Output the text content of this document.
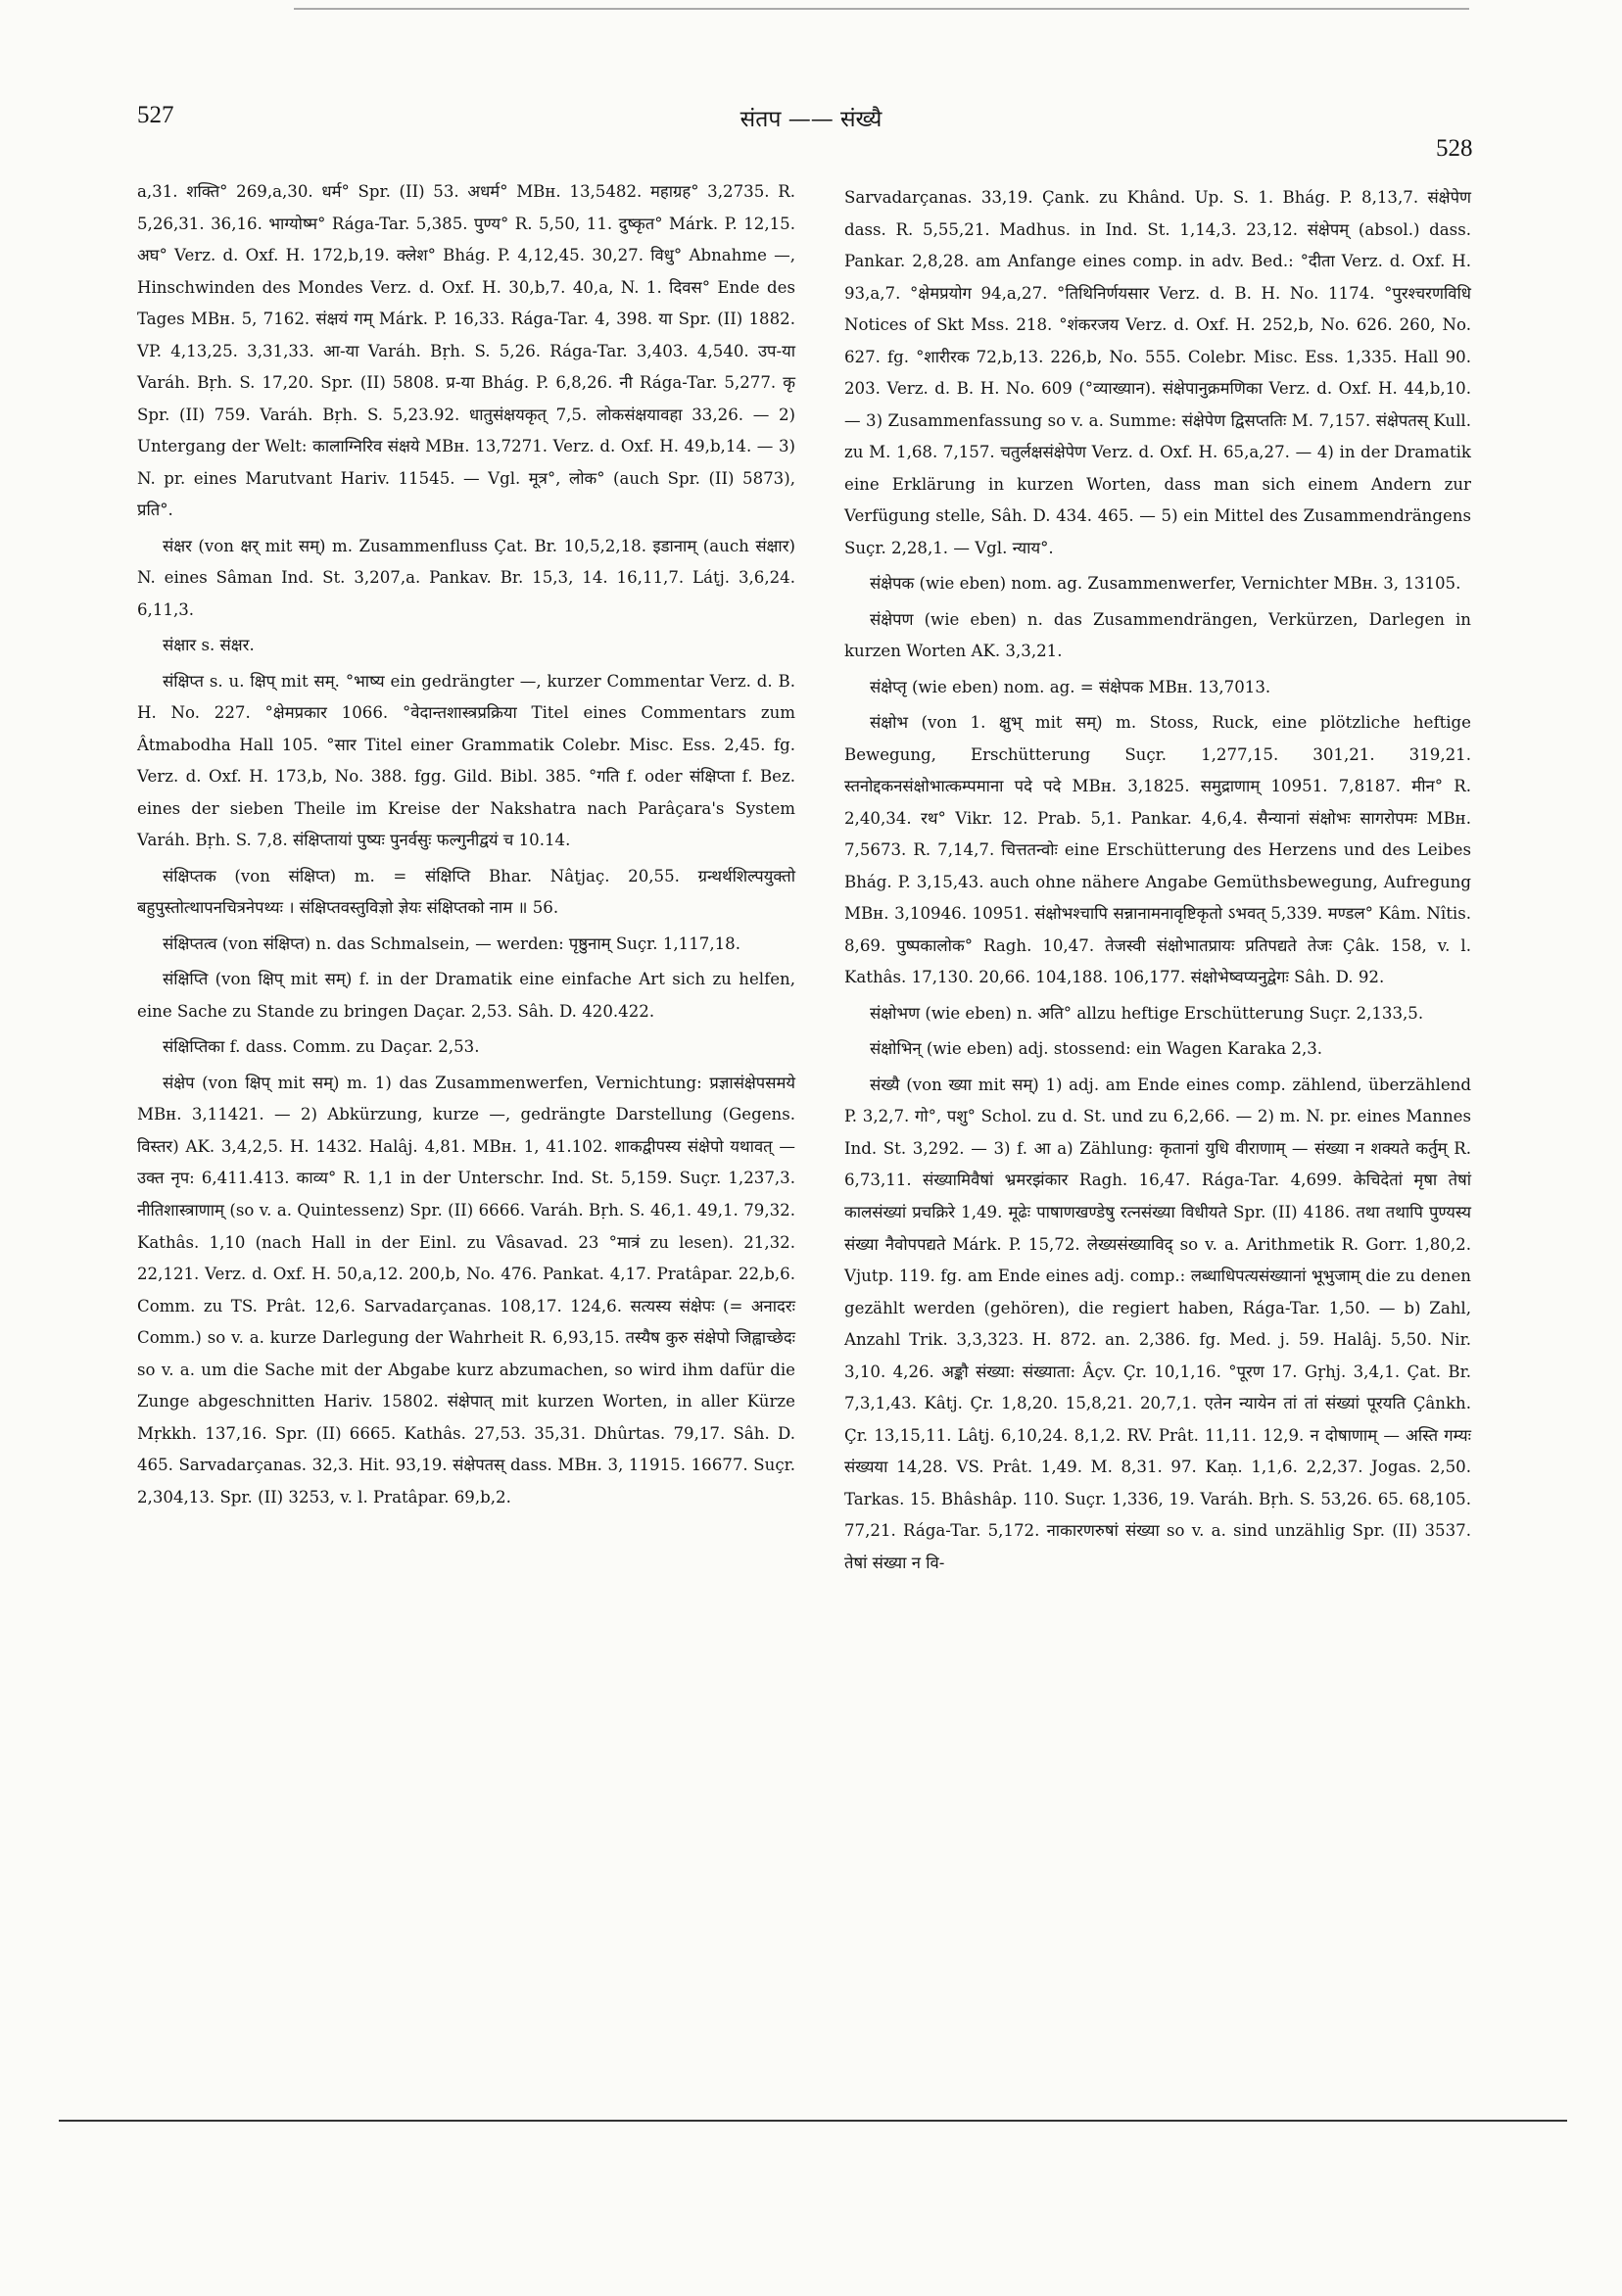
527	संतप —— संख्यै
528

a,31. शक्ति° 269,a,30. धर्म° Spr. (II) 53. अधर्म° MBн. 13,5482. महाग्रह° 3,2735. R. 5,26,31. 36,16. भाग्योष्म° Rága-Tar. 5,385. पुण्य° R. 5,50, 11. दुष्कृत° Márk. P. 12,15. अघ° Verz. d. Oxf. H. 172,b,19. क्लेश° Bhág. P. 4,12,45. 30,27. विधु° Abnahme —, Hinschwinden des Mondes Verz. d. Oxf. H. 30,b,7. 40,a, N. 1. दिवस° Ende des Tages MBн. 5, 7162. संक्षयं गम् Márk. P. 16,33. Rága-Tar. 4, 398. या Spr. (II) 1882. VP. 4,13,25. 3,31,33. आ-या Varáh. Bṛh. S. 5,26. Rága-Tar. 3,403. 4,540. उप-या Varáh. Bṛh. S. 17,20. Spr. (II) 5808. प्र-या Bhág. P. 6,8,26. नी Rága-Tar. 5,277. कृ Spr. (II) 759. Varáh. Bṛh. S. 5,23.92. धातुसंक्षयकृत् 7,5. लोकसंक्षयावहा 33,26. — 2) Untergang der Welt: कालाग्निरिव संक्षये MBн. 13,7271. Verz. d. Oxf. H. 49,b,14. — 3) N. pr. eines Marutvant Hariv. 11545. — Vgl. मूत्र°, लोक° (auch Spr. (II) 5873), प्रति°.

संक्षर (von क्षर् mit सम्) m. Zusammenfluss Çat. Br. 10,5,2,18. इडानाम् (auch संक्षार) N. eines Sâman Ind. St. 3,207,a. Pankav. Br. 15,3, 14. 16,11,7. Láṭj. 3,6,24. 6,11,3.

संक्षार s. संक्षर.

संक्षिप्त s. u. क्षिप् mit सम्. °भाष्य ein gedrängter —, kurzer Commentar Verz. d. B. H. No. 227. °क्षेमप्रकार 1066. °वेदान्तशास्त्रप्रक्रिया Titel eines Commentars zum Âtmabodha Hall 105. °सार Titel einer Grammatik Colebr. Misc. Ess. 2,45. fg. Verz. d. Oxf. H. 173,b, No. 388. fgg. Gild. Bibl. 385. °गति f. oder संक्षिप्ता f. Bez. eines der sieben Theile im Kreise der Nakshatra nach Parâçara's System Varáh. Bṛh. S. 7,8. संक्षिप्तायां पुष्यः पुनर्वसुः फल्गुनीद्वयं च 10.14.

संक्षिप्तक (von संक्षिप्त) m. = संक्षिप्ति Bhar. Nâṭjaç. 20,55. ग्रन्थर्थशिल्पयुक्तो बहुपुस्तोत्थापनचित्रनेपथ्यः । संक्षिप्तवस्तुविज्ञो ज्ञेयः संक्षिप्तको नाम ॥ 56.

संक्षिप्तत्व (von संक्षिप्त) n. das Schmalsein, — werden: पृष्ठुनाम् Suçr. 1,117,18.

संक्षिप्ति (von क्षिप् mit सम्) f. in der Dramatik eine einfache Art sich zu helfen, eine Sache zu Stande zu bringen Daçar. 2,53. Sâh. D. 420.422.

संक्षिप्तिका f. dass. Comm. zu Daçar. 2,53.

संक्षेप (von क्षिप् mit सम्) m. 1) das Zusammenwerfen, Vernichtung: प्रज्ञासंक्षेपसमये MBн. 3,11421. — 2) Abkürzung, kurze —, gedrängte Darstellung (Gegens. विस्तर) AK. 3,4,2,5. H. 1432. Halâj. 4,81. MBн. 1, 41.102. शाकद्वीपस्य संक्षेपो यथावत् — उक्त नृप: 6,411.413. काव्य° R. 1,1 in der Unterschr. Ind. St. 5,159. Suçr. 1,237,3. नीतिशास्त्राणाम् (so v. a. Quintessenz) Spr. (II) 6666. Varáh. Bṛh. S. 46,1. 49,1. 79,32. Kathâs. 1,10 (nach Hall in der Einl. zu Vâsavad. 23 °मात्रं zu lesen). 21,32. 22,121. Verz. d. Oxf. H. 50,a,12. 200,b, No. 476. Pankat. 4,17. Pratâpar. 22,b,6. Comm. zu TS. Prât. 12,6. Sarvadarçanas. 108,17. 124,6. सत्यस्य संक्षेपः (= अनादरः Comm.) so v. a. kurze Darlegung der Wahrheit R. 6,93,15. तस्यैष कुरु संक्षेपो जिह्वाच्छेदः so v. a. um die Sache mit der Abgabe kurz abzumachen, so wird ihm dafür die Zunge abgeschnitten Hariv. 15802. संक्षेपात् mit kurzen Worten, in aller Kürze Mṛkkh. 137,16. Spr. (II) 6665. Kathâs. 27,53. 35,31. Dhûrtas. 79,17. Sâh. D. 465. Sarvadarçanas. 32,3. Hit. 93,19. संक्षेपतस् dass. MBн. 3, 11915. 16677. Suçr. 2,304,13. Spr. (II) 3253, v. l. Pratâpar. 69,b,2.

Sarvadarçanas. 33,19. Çank. zu Khând. Up. S. 1. Bhág. P. 8,13,7. संक्षेपेण dass. R. 5,55,21. Madhus. in Ind. St. 1,14,3. 23,12. संक्षेपम् (absol.) dass. Pankar. 2,8,28. am Anfange eines comp. in adv. Bed.: °दीता Verz. d. Oxf. H. 93,a,7. °क्षेमप्रयोग 94,a,27. °तिथिनिर्णयसार Verz. d. B. H. No. 1174. °पुरश्चरणविधि Notices of Skt Mss. 218. °शंकरजय Verz. d. Oxf. H. 252,b, No. 626. 260, No. 627. fg. °शारीरक 72,b,13. 226,b, No. 555. Colebr. Misc. Ess. 1,335. Hall 90. 203. Verz. d. B. H. No. 609 (°व्याख्यान). संक्षेपानुक्रमणिका Verz. d. Oxf. H. 44,b,10. — 3) Zusammenfassung so v. a. Summe: संक्षेपेण द्विसप्ततिः M. 7,157. संक्षेपतस् Kull. zu M. 1,68. 7,157. चतुर्लक्षसंक्षेपेण Verz. d. Oxf. H. 65,a,27. — 4) in der Dramatik eine Erklärung in kurzen Worten, dass man sich einem Andern zur Verfügung stelle, Sâh. D. 434. 465. — 5) ein Mittel des Zusammendrängens Suçr. 2,28,1. — Vgl. न्याय°.

संक्षेपक (wie eben) nom. ag. Zusammenwerfer, Vernichter MBн. 3, 13105.

संक्षेपण (wie eben) n. das Zusammendrängen, Verkürzen, Darlegen in kurzen Worten AK. 3,3,21.

संक्षेप्तृ (wie eben) nom. ag. = संक्षेपक MBн. 13,7013.

संक्षोभ (von 1. क्षुभ् mit सम्) m. Stoss, Ruck, eine plötzliche heftige Bewegung, Erschütterung Suçr. 1,277,15. 301,21. 319,21. स्तनोद्दकनसंक्षोभात्कम्पमाना पदे पदे MBн. 3,1825. समुद्राणाम् 10951. 7,8187. मीन° R. 2,40,34. रथ° Vikr. 12. Prab. 5,1. Pankar. 4,6,4. सैन्यानां संक्षोभः सागरोपमः MBн. 7,5673. R. 7,14,7. चित्ततन्वोः eine Erschütterung des Herzens und des Leibes Bhág. P. 3,15,43. auch ohne nähere Angabe Gemüthsbewegung, Aufregung MBн. 3,10946. 10951. संक्षोभश्चापि सन्नानामनावृष्टिकृतो ऽभवत् 5,339. मण्डल° Kâm. Nîtis. 8,69. पुष्पकालोक° Ragh. 10,47. तेजस्वी संक्षोभातप्रायः प्रतिपद्यते तेजः Çâk. 158, v. l. Kathâs. 17,130. 20,66. 104,188. 106,177. संक्षोभेष्वप्यनुद्वेगः Sâh. D. 92.

संक्षोभण (wie eben) n. अति° allzu heftige Erschütterung Suçr. 2,133,5.

संक्षोभिन् (wie eben) adj. stossend: ein Wagen Karaka 2,3.

संख्यै (von ख्या mit सम्) 1) adj. am Ende eines comp. zählend, überzählend P. 3,2,7. गो°, पशु° Schol. zu d. St. und zu 6,2,66. — 2) m. N. pr. eines Mannes Ind. St. 3,292. — 3) f. आ a) Zählung: कृतानां युधि वीराणाम् — संख्या न शक्यते कर्तुम् R. 6,73,11. संख्यामिवैषां भ्रमरझंकार Ragh. 16,47. Rága-Tar. 4,699. केचिदेतां मृषा तेषां कालसंख्यां प्रचक्रिरे 1,49. मूढेः पाषाणखण्डेषु रत्नसंख्या विधीयते Spr. (II) 4186. तथा तथापि पुण्यस्य संख्या नैवोपपद्यते Márk. P. 15,72. लेख्यसंख्याविद् so v. a. Arithmetik R. Gorr. 1,80,2. Vjutp. 119. fg. am Ende eines adj. comp.: लब्धाधिपत्यसंख्यानां भूभुजाम् die zu denen gezählt werden (gehören), die regiert haben, Rága-Tar. 1,50. — b) Zahl, Anzahl Trik. 3,3,323. H. 872. an. 2,386. fg. Med. j. 59. Halâj. 5,50. Nir. 3,10. 4,26. अङ्कौ संख्या: संख्याता: Âçv. Çr. 10,1,16. °पूरण 17. Gṛhj. 3,4,1. Çat. Br. 7,3,1,43. Kâtj. Çr. 1,8,20. 15,8,21. 20,7,1. एतेन न्यायेन तां तां संख्यां पूरयति Çânkh. Çr. 13,15,11. Lâṭj. 6,10,24. 8,1,2. RV. Prât. 11,11. 12,9. न दोषाणाम् — अस्ति गम्यः संख्यया 14,28. VS. Prât. 1,49. M. 8,31. 97. Kaṇ. 1,1,6. 2,2,37. Jogas. 2,50. Tarkas. 15. Bhâshâp. 110. Suçr. 1,336, 19. Varáh. Bṛh. S. 53,26. 65. 68,105. 77,21. Rága-Tar. 5,172. नाकारणरुषां संख्या so v. a. sind unzählig Spr. (II) 3537. तेषां संख्या न वि-
